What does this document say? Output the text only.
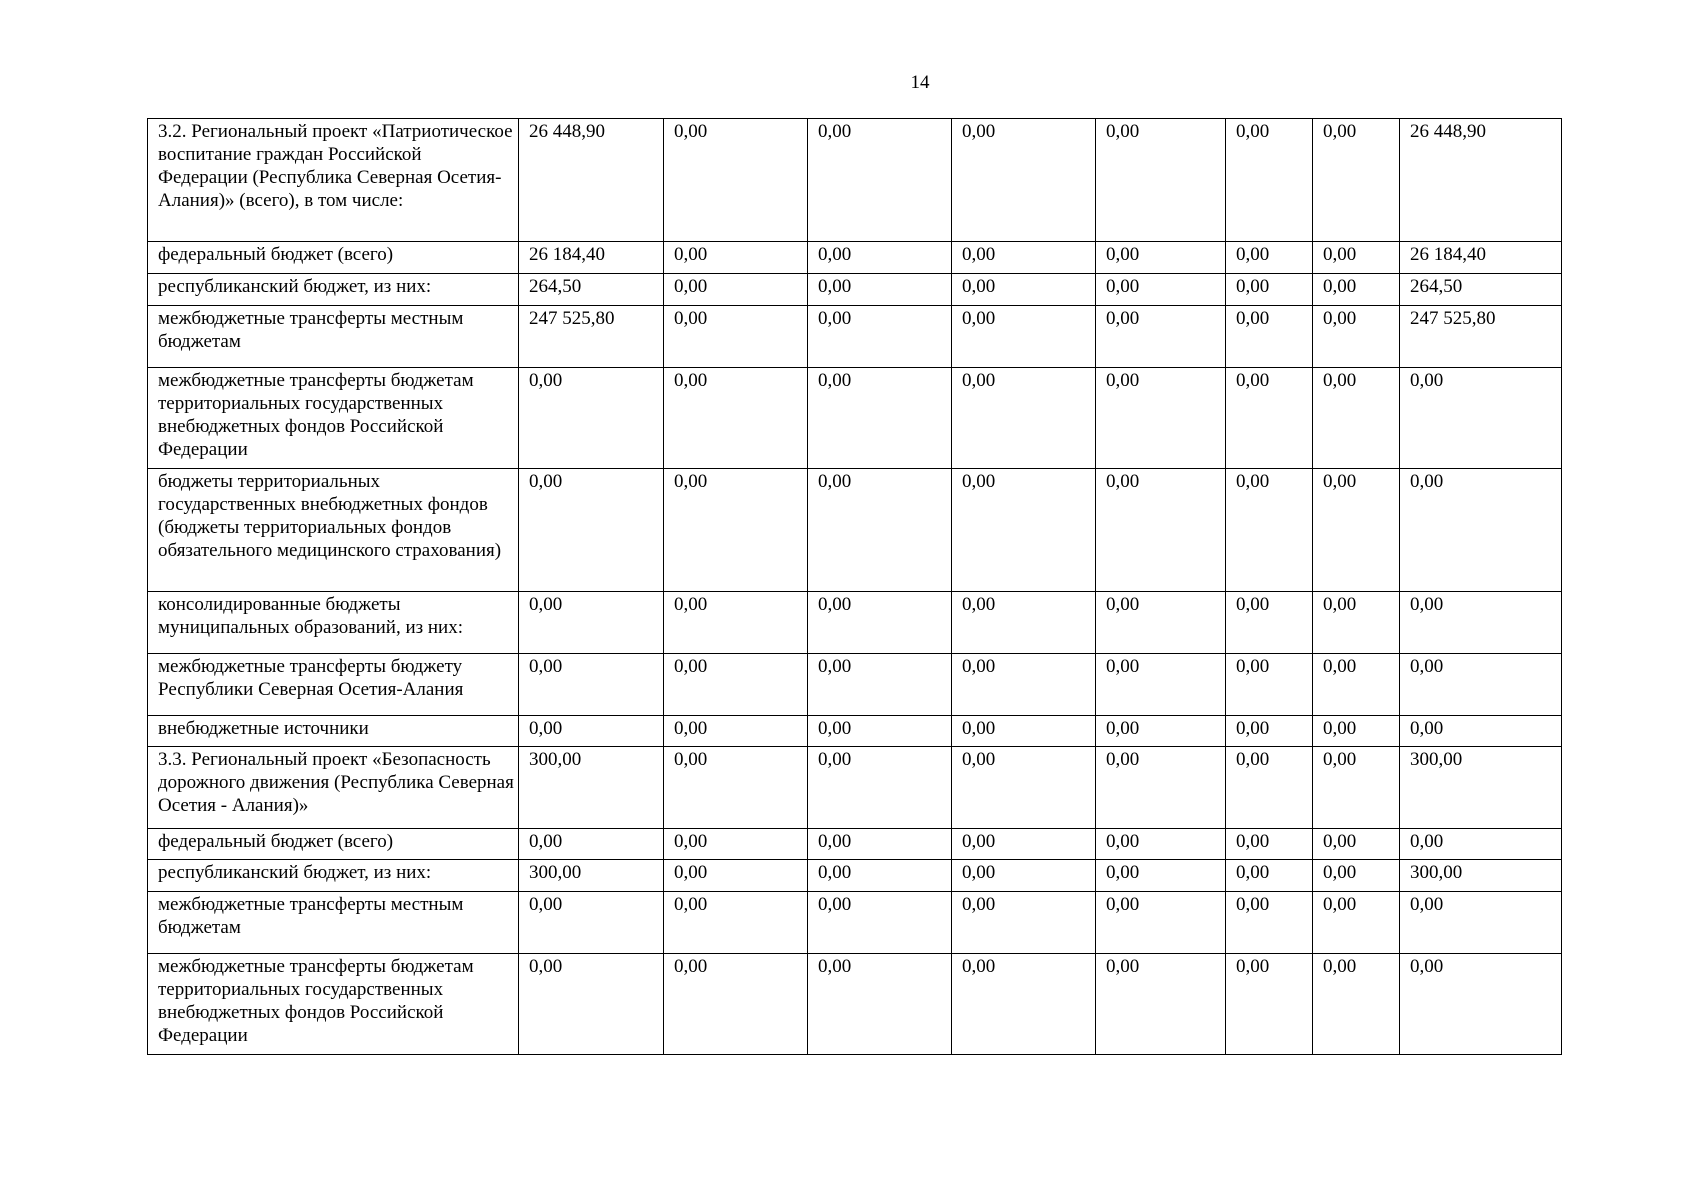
14
3.2. Региональный проект «Патриотическое воспитание граждан Российской Федерации (Республика Северная Осетия-Алания)» (всего), в том числе:	26 448,90	0,00	0,00	0,00	0,00	0,00	0,00	26 448,90
федеральный бюджет (всего)	26 184,40	0,00	0,00	0,00	0,00	0,00	0,00	26 184,40
республиканский бюджет, из них:	264,50	0,00	0,00	0,00	0,00	0,00	0,00	264,50
межбюджетные трансферты местным бюджетам	247 525,80	0,00	0,00	0,00	0,00	0,00	0,00	247 525,80
межбюджетные трансферты бюджетам территориальных государственных внебюджетных фондов Российской Федерации	0,00	0,00	0,00	0,00	0,00	0,00	0,00	0,00
бюджеты территориальных государственных внебюджетных фондов (бюджеты территориальных фондов обязательного медицинского страхования)	0,00	0,00	0,00	0,00	0,00	0,00	0,00	0,00
консолидированные бюджеты муниципальных образований, из них:	0,00	0,00	0,00	0,00	0,00	0,00	0,00	0,00
межбюджетные трансферты бюджету Республики Северная Осетия-Алания	0,00	0,00	0,00	0,00	0,00	0,00	0,00	0,00
внебюджетные источники	0,00	0,00	0,00	0,00	0,00	0,00	0,00	0,00
3.3. Региональный проект «Безопасность дорожного движения (Республика Северная Осетия - Алания)»	300,00	0,00	0,00	0,00	0,00	0,00	0,00	300,00
федеральный бюджет (всего)	0,00	0,00	0,00	0,00	0,00	0,00	0,00	0,00
республиканский бюджет, из них:	300,00	0,00	0,00	0,00	0,00	0,00	0,00	300,00
межбюджетные трансферты местным бюджетам	0,00	0,00	0,00	0,00	0,00	0,00	0,00	0,00
межбюджетные трансферты бюджетам территориальных государственных внебюджетных фондов Российской Федерации	0,00	0,00	0,00	0,00	0,00	0,00	0,00	0,00
